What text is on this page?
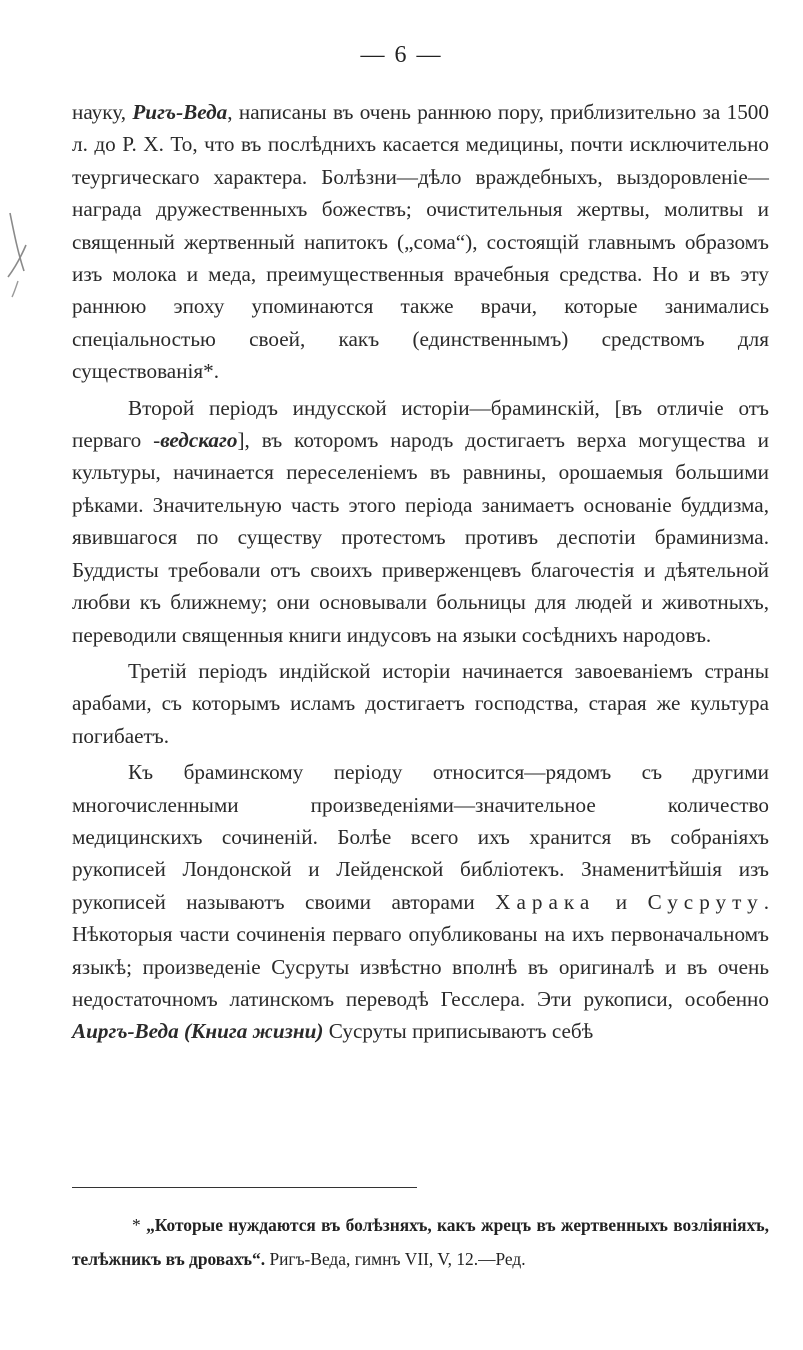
— 6 —

науку, Ригъ-Веда, написаны въ очень раннюю пору, приблизительно за 1500 л. до Р. Х. То, что въ послѣднихъ касается медицины, почти исключительно теургическаго характера. Болѣзни—дѣло враждебныхъ, выздоровленіе—награда дружественныхъ божествъ; очистительныя жертвы, молитвы и священный жертвенный напитокъ („сома“), состоящій главнымъ образомъ изъ молока и меда, преимущественныя врачебныя средства. Но и въ эту раннюю эпоху упоминаются также врачи, которые занимались спеціальностью своей, какъ (единственнымъ) средствомъ для существованія*.

Второй періодъ индусской исторіи—браминскій, [въ отличіе отъ перваго -ведскаго], въ которомъ народъ достигаетъ верха могущества и культуры, начинается переселеніемъ въ равнины, орошаемыя большими рѣками. Значительную часть этого періода занимаетъ основаніе буддизма, явившагося по существу протестомъ противъ деспотіи браминизма. Буддисты требовали отъ своихъ приверженцевъ благочестія и дѣятельной любви къ ближнему; они основывали больницы для людей и животныхъ, переводили священныя книги индусовъ на языки сосѣднихъ народовъ.

Третій періодъ индійской исторіи начинается завоеваніемъ страны арабами, съ которымъ исламъ достигаетъ господства, старая же культура погибаетъ.

Къ браминскому періоду относится—рядомъ съ другими многочисленными произведеніями—значительное количество медицинскихъ сочиненій. Болѣе всего ихъ хранится въ собраніяхъ рукописей Лондонской и Лейденской библіотекъ. Знаменитѣйшія изъ рукописей называютъ своими авторами Харака и Сусруту. Нѣкоторыя части сочиненія перваго опубликованы на ихъ первоначальномъ языкѣ; произведеніе Сусруты извѣстно вполнѣ въ оригиналѣ и въ очень недостаточномъ латинскомъ переводѣ Гесслера. Эти рукописи, особенно Аиргъ-Веда (Книга жизни) Сусруты приписываютъ себѣ

* „Которые нуждаются въ болѣзняхъ, какъ жрецъ въ жертвенныхъ возліяніяхъ, телѣжникъ въ дровахъ“. Ригъ-Веда, гимнъ VII, V, 12.—Ред.
